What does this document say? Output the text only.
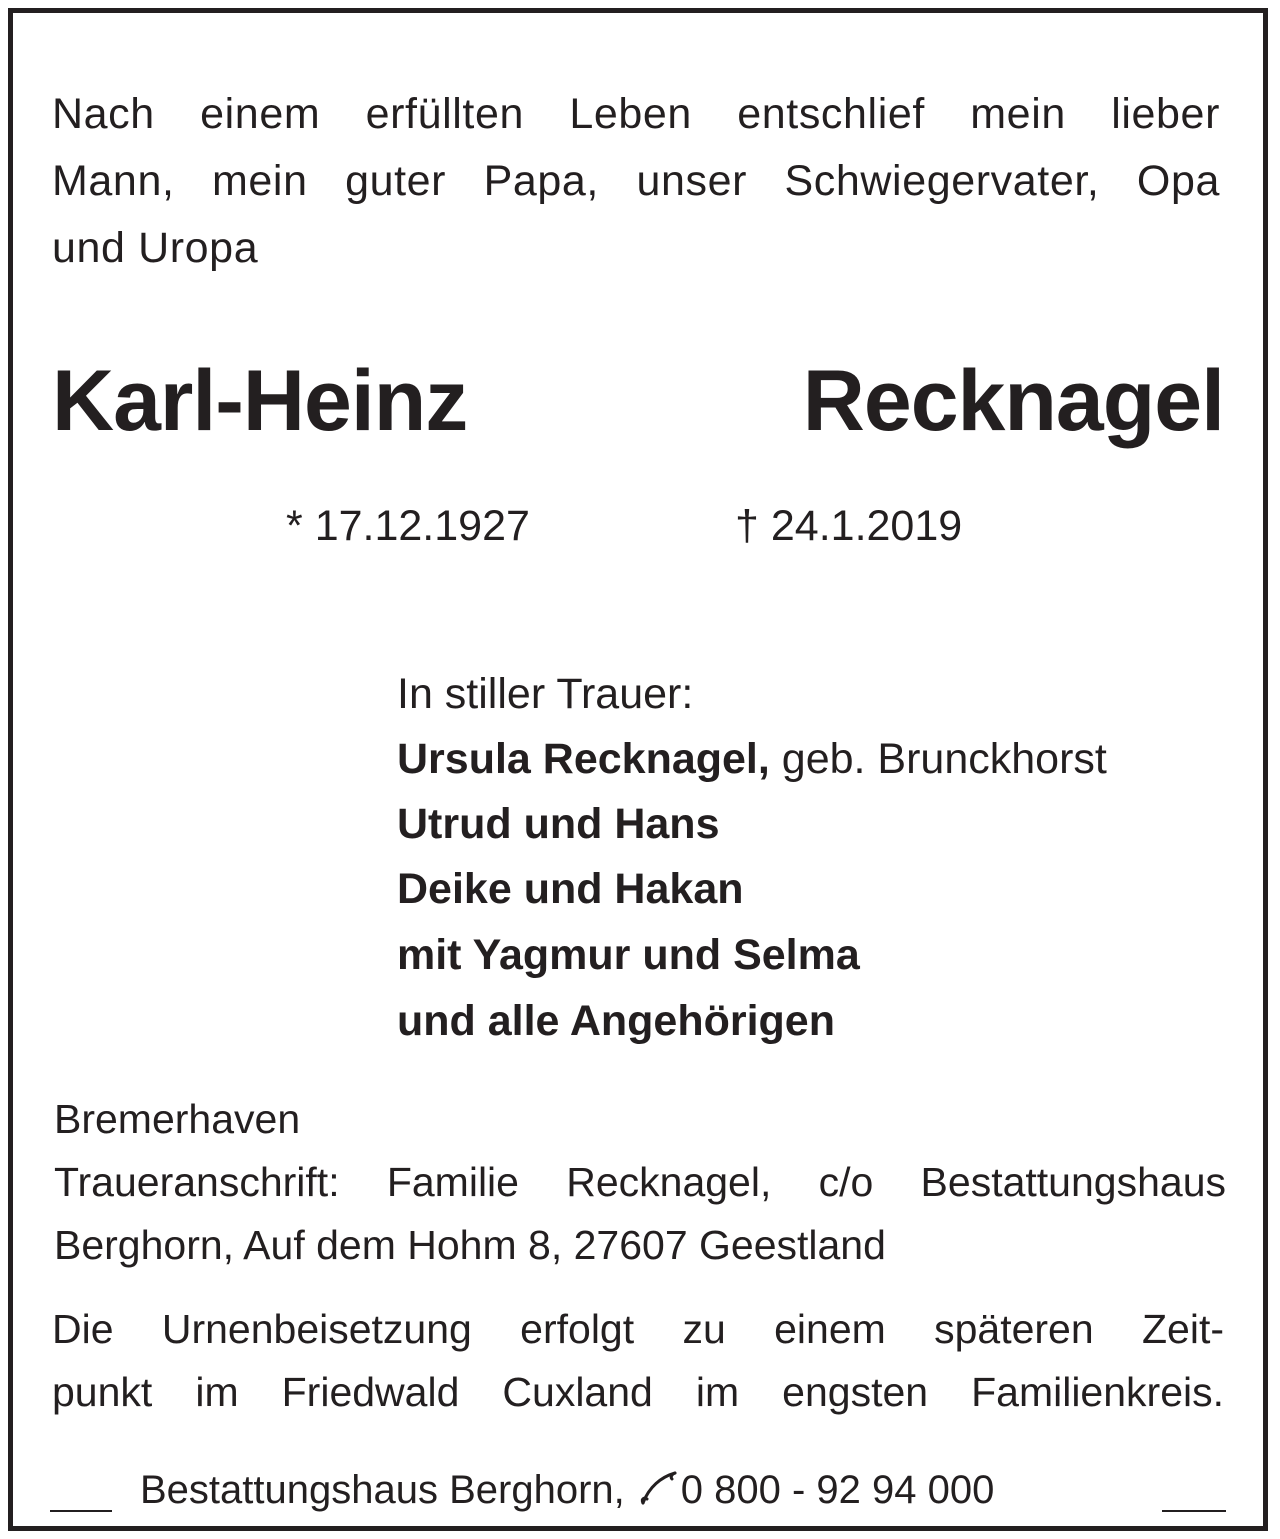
Nach einem erfüllten Leben entschlief mein lieber
Mann, mein guter Papa, unser Schwiegervater, Opa
und Uropa
Karl-Heinz Recknagel
* 17.12.1927	† 24.1.2019
In stiller Trauer:
Ursula Recknagel, geb. Brunckhorst
Utrud und Hans
Deike und Hakan
mit Yagmur und Selma
und alle Angehörigen
Bremerhaven
Traueranschrift: Familie Recknagel, c/o Bestattungshaus
Berghorn, Auf dem Hohm 8, 27607 Geestland
Die Urnenbeisetzung erfolgt zu einem späteren Zeit-
punkt im Friedwald Cuxland im engsten Familienkreis.
Bestattungshaus Berghorn, 0 800 - 92 94 000
